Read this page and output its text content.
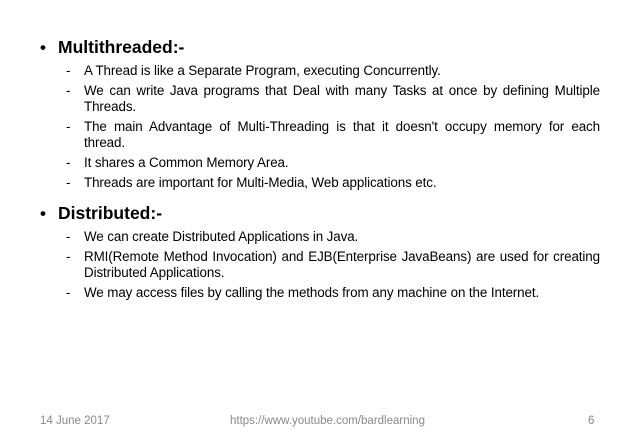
• Multithreaded:-
- A Thread is like a Separate Program, executing Concurrently.
- We can write Java programs that Deal with many Tasks at once by defining Multiple Threads.
- The main Advantage of Multi-Threading is that it doesn't occupy memory for each thread.
- It shares a Common Memory Area.
- Threads are important for Multi-Media, Web applications etc.
• Distributed:-
- We can create Distributed Applications in Java.
- RMI(Remote Method Invocation) and EJB(Enterprise JavaBeans) are used for creating Distributed Applications.
- We may access files by calling the methods from any machine on the Internet.
14 June 2017	https://www.youtube.com/bardlearning	6
